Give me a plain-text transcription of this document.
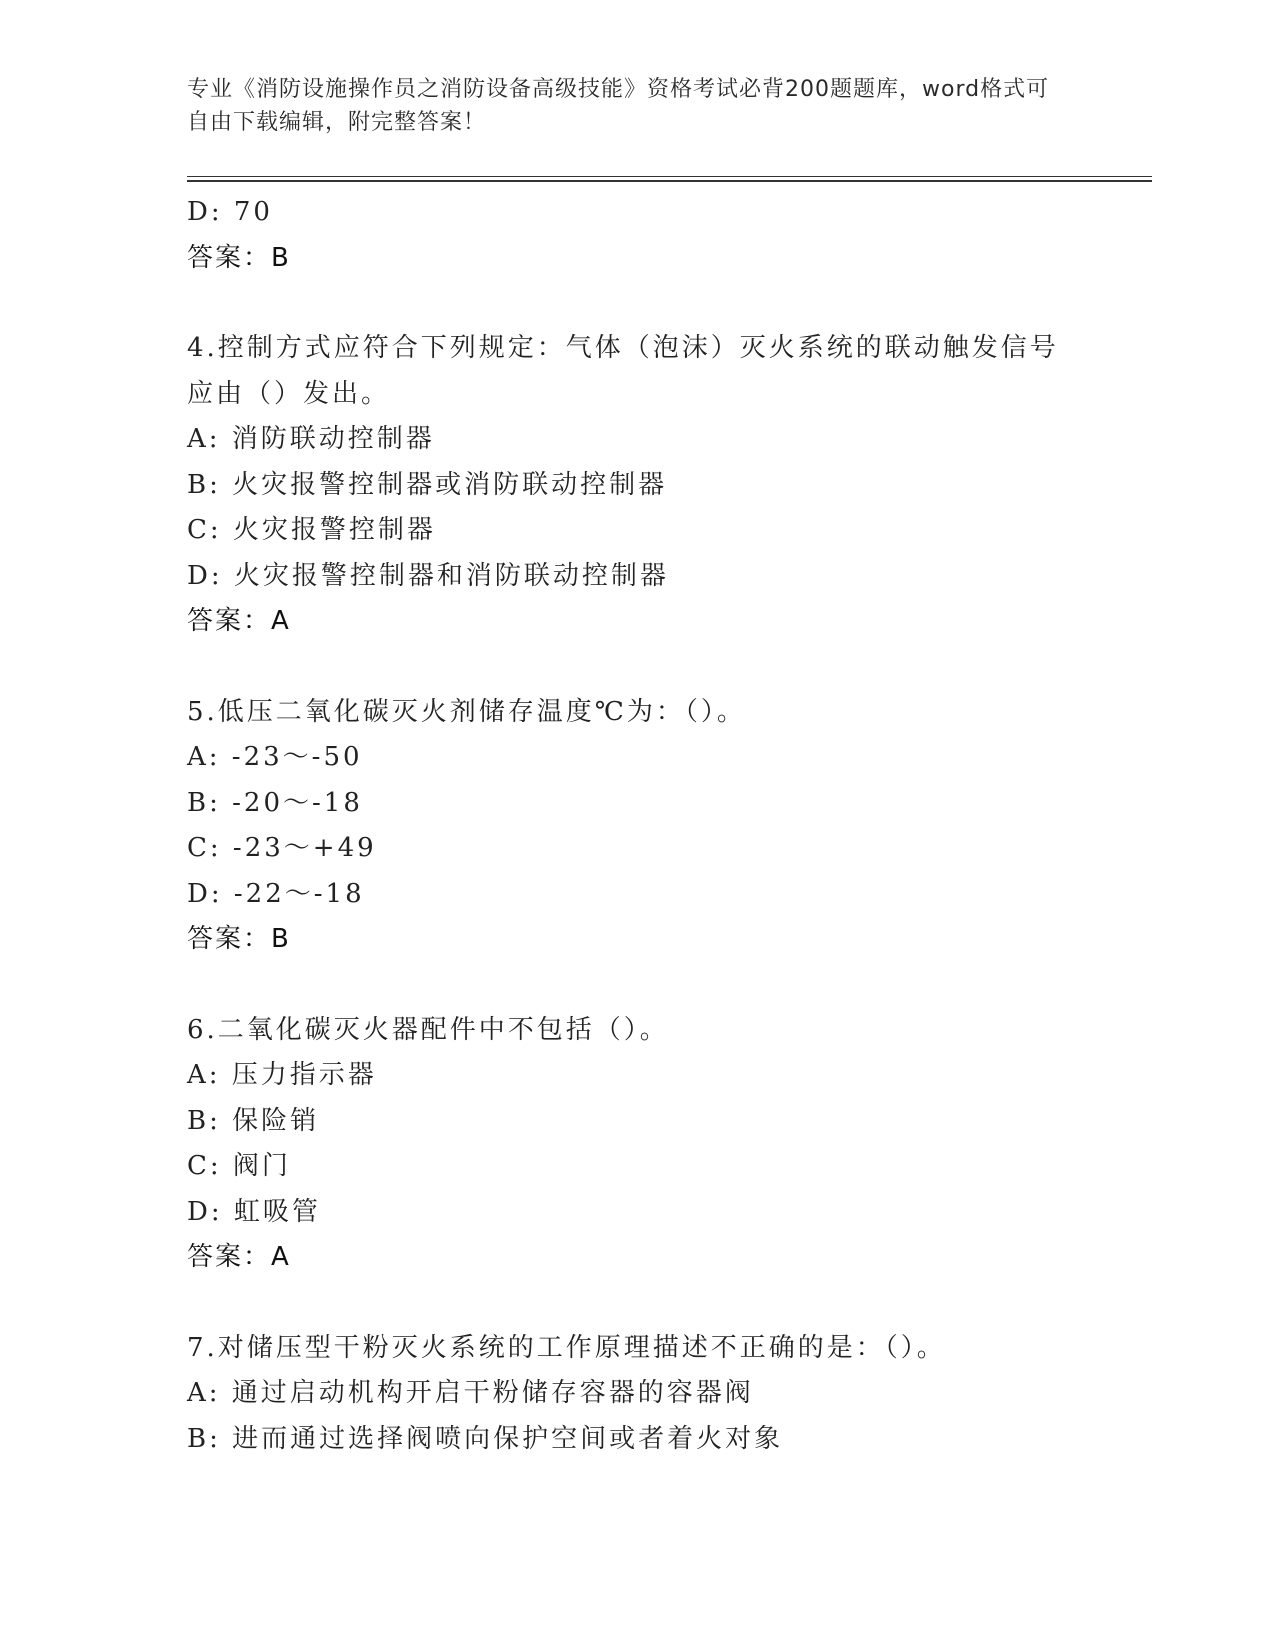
专业《消防设施操作员之消防设备高级技能》资格考试必背200题题库，word格式可自由下载编辑，附完整答案！
D: 70
答案：B
4.控制方式应符合下列规定：气体（泡沫）灭火系统的联动触发信号
应由（）发出。
A: 消防联动控制器
B: 火灾报警控制器或消防联动控制器
C: 火灾报警控制器
D: 火灾报警控制器和消防联动控制器
答案：A
5.低压二氧化碳灭火剂储存温度℃为：（）。
A: -23～-50
B: -20～-18
C: -23～+49
D: -22～-18
答案：B
6.二氧化碳灭火器配件中不包括（）。
A: 压力指示器
B: 保险销
C: 阀门
D: 虹吸管
答案：A
7.对储压型干粉灭火系统的工作原理描述不正确的是：（）。
A: 通过启动机构开启干粉储存容器的容器阀
B: 进而通过选择阀喷向保护空间或者着火对象
